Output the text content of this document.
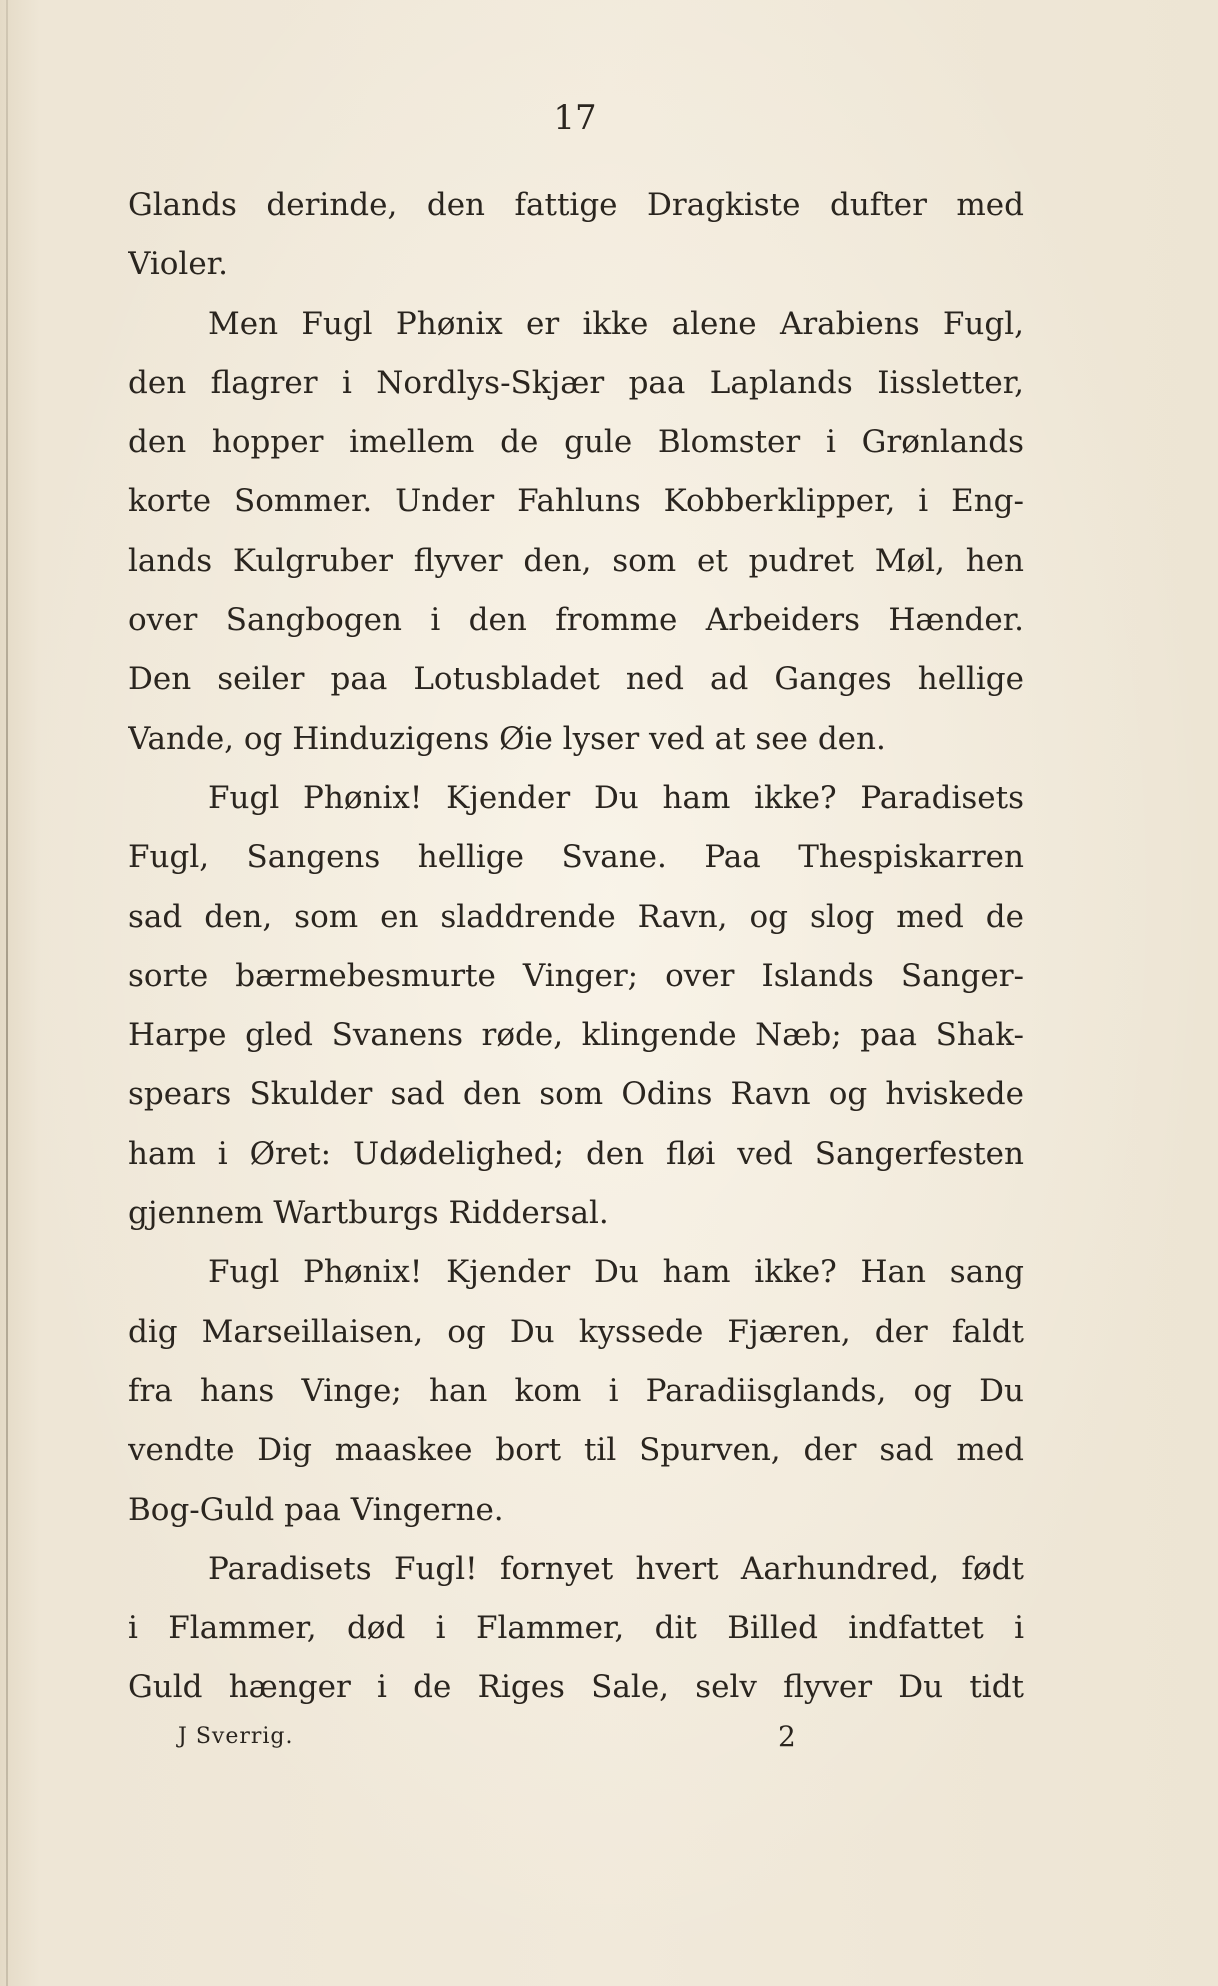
17
Glands derinde, den fattige Dragkiste dufter med
Violer.
Men Fugl Phønix er ikke alene Arabiens Fugl,
den flagrer i Nordlys-Skjær paa Laplands Iissletter,
den hopper imellem de gule Blomster i Grønlands
korte Sommer. Under Fahluns Kobberklipper, i Eng-
lands Kulgruber flyver den, som et pudret Møl, hen
over Sangbogen i den fromme Arbeiders Hænder.
Den seiler paa Lotusbladet ned ad Ganges hellige
Vande, og Hinduzigens Øie lyser ved at see den.
Fugl Phønix! Kjender Du ham ikke? Paradisets
Fugl, Sangens hellige Svane. Paa Thespiskarren
sad den, som en sladdrende Ravn, og slog med de
sorte bærmebesmurte Vinger; over Islands Sanger-
Harpe gled Svanens røde, klingende Næb; paa Shak-
spears Skulder sad den som Odins Ravn og hviskede
ham i Øret: Udødelighed; den fløi ved Sangerfesten
gjennem Wartburgs Riddersal.
Fugl Phønix! Kjender Du ham ikke? Han sang
dig Marseillaisen, og Du kyssede Fjæren, der faldt
fra hans Vinge; han kom i Paradiisglands, og Du
vendte Dig maaskee bort til Spurven, der sad med
Bog-Guld paa Vingerne.
Paradisets Fugl! fornyet hvert Aarhundred, født
i Flammer, død i Flammer, dit Billed indfattet i
Guld hænger i de Riges Sale, selv flyver Du tidt
J Sverrig.	2
